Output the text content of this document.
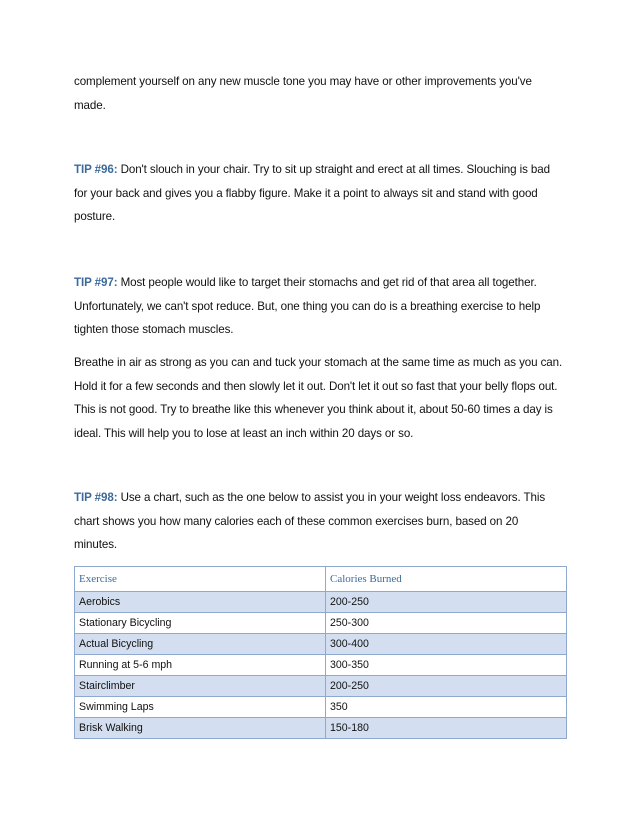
complement yourself on any new muscle tone you may have or other improvements you've made.

TIP #96: Don't slouch in your chair. Try to sit up straight and erect at all times. Slouching is bad for your back and gives you a flabby figure. Make it a point to always sit and stand with good posture.

TIP #97: Most people would like to target their stomachs and get rid of that area all together. Unfortunately, we can't spot reduce. But, one thing you can do is a breathing exercise to help tighten those stomach muscles.

Breathe in air as strong as you can and tuck your stomach at the same time as much as you can. Hold it for a few seconds and then slowly let it out. Don't let it out so fast that your belly flops out. This is not good. Try to breathe like this whenever you think about it, about 50-60 times a day is ideal. This will help you to lose at least an inch within 20 days or so.

TIP #98: Use a chart, such as the one below to assist you in your weight loss endeavors. This chart shows you how many calories each of these common exercises burn, based on 20 minutes.

Exercise	Calories Burned
Aerobics	200-250
Stationary Bicycling	250-300
Actual Bicycling	300-400
Running at 5-6 mph	300-350
Stairclimber	200-250
Swimming Laps	350
Brisk Walking	150-180
